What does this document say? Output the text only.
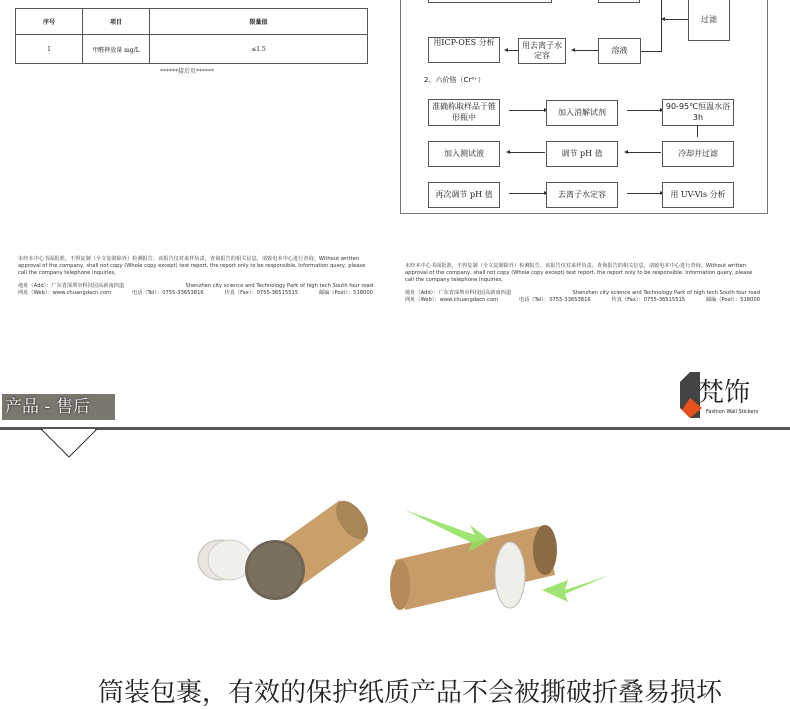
序号	项目	限量值
1	甲醛释放量 mg/L	≤1.5
******接后页******
过滤
溶液
用去离子水定容
用ICP-OES 分析
2、六价铬（Cr⁶⁺）
准确称取样品于锥形瓶中
加入消解试剂
90-95℃恒温水浴 3h
冷却并过滤
调节 pH 值
加入测试液
再次调节 pH 值	去离子水定容	用 UV-Vis 分析
未经本中心书面批准，不得复制（全文复制除外）检测报告。该报告仅对来样负责。查询报告的相关信息，请致电本中心进行查询。Without written approval of the company, shall not copy (Whole copy except) test report, the report only to be responsible. Information query, please call the company telephone inquiries。
地址（Add）：广东省深圳市科技园高新南四道	Shenzhen city science and Technology Park of high tech South four road
网址（Web）：www.chuangdacn.com	电话（Tel）：0755-33653816	传真（Fax）：0755-36515515	邮编（Post）：518000
未经本中心书面批准，不得复制（全文复制除外）检测报告。该报告仅对来样负责。查询报告的相关信息，请致电本中心进行查询。Without written approval of the company, shall not copy (Whole copy except) test report, the report only to be responsible. Information query, please call the company telephone inquiries。
地址（Add）：广东省深圳市科技园高新南四道	Shenzhen city science and Technology Park of high tech South four road
网址（Web）：www.chuangdacn.com	电话（Tel）：0755-33653816	传真（Fax）：0755-36515515	邮编（Post）：518000
产品 - 售后	梵饰
Fashion Wall Stickers
筒装包裹，有效的保护纸质产品不会被撕破折叠易损坏
